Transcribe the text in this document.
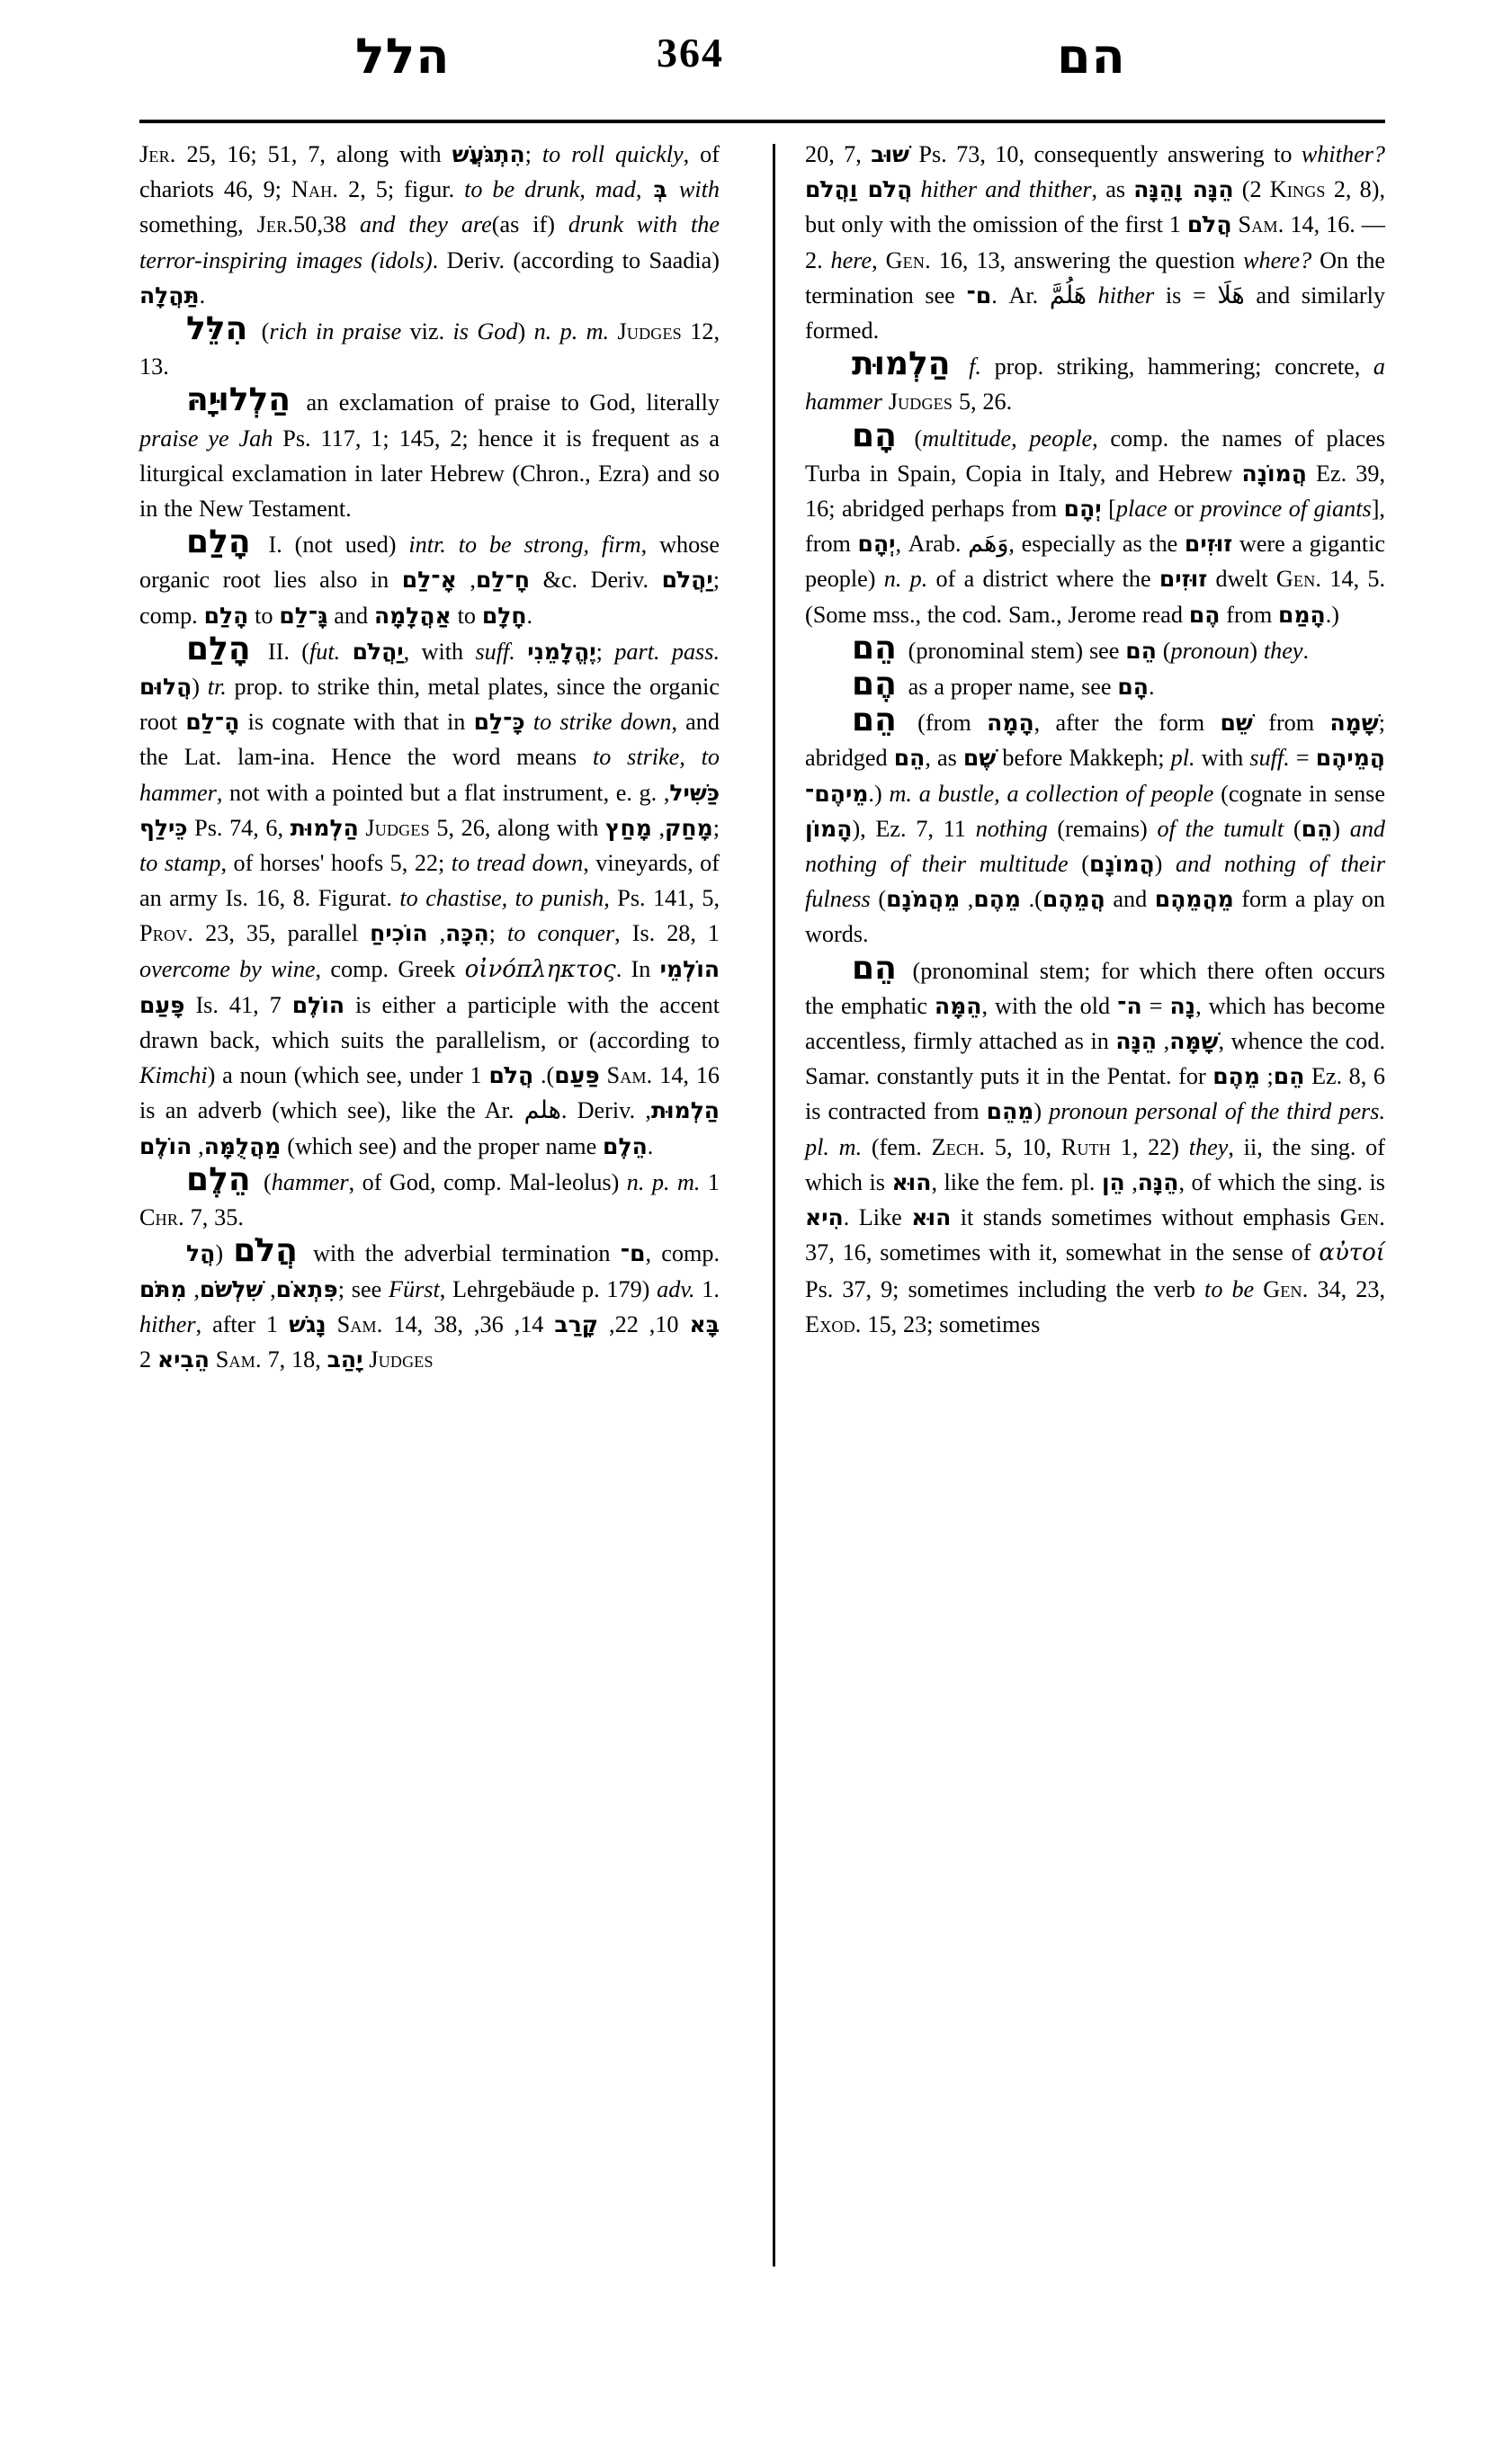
הלל	364	הם

Jer. 25, 16; 51, 7, along with הִתְגֹּעֲשׁ; to roll quickly, of chariots 46, 9; Nah. 2, 5; figur. to be drunk, mad, בְּ with something, Jer.50,38 and they are(as if) drunk with the terror-inspiring images (idols). Deriv. (according to Saadia) תַּהֲלָה.

הִלֵּל (rich in praise viz. is God) n. p. m. Judges 12, 13.

הַלְלוּיָהּ an exclamation of praise to God, literally praise ye Jah Ps. 117, 1; 145, 2; hence it is frequent as a liturgical exclamation in later Hebrew (Chron., Ezra) and so in the New Testament.

הָלַם I. (not used) intr. to be strong, firm, whose organic root lies also in	חָ־לַם, אָ־לַם	&c. Deriv. יַהֲלֹם; comp. הָלַם to גָּ־לַם and אַהֲלָמָה to חָלָם.

הָלַם II. (fut. יַהֲלֹם, with suff. יֶהֱלָמֵנִי; part. pass. הֲלוּם) tr. prop. to strike thin, metal plates, since the organic root הָ־לַם is cognate with that in כָּ־לַם to strike down, and the Lat. lam-ina. Hence the word means to strike, to hammer, not with a pointed but a flat instrument, e. g. כַּשִּׁיל, כֵּילַף Ps. 74, 6, הַלְמוּת Judges 5, 26, along with	מָחַק, מָחַץ	; to stamp, of horses' hoofs 5, 22; to tread down, vineyards, of an army Is. 16, 8. Figurat. to chastise, to punish, Ps. 141, 5, Prov. 23, 35, parallel	הִכָּה, הוֹכִיחַ	; to conquer, Is. 28, 1 overcome by wine, comp. Greek οἰνόπληκτος. In הוֹלְמֵי פָּעַם Is. 41, 7 הוֹלֶם is either a participle with the accent drawn back, which suits the parallelism, or (according to Kimchi) a noun (which see, under	פַּעַם). הֲלֹם 1 Sam. 14, 16 is an adverb (which see), like the Ar. هلم. Deriv. הַלְמוּת, מַהֲלֻמָּה, הוֹלֶם	(which see) and the proper name הֵלֶם.

הֵלֶם (hammer, of God, comp. Mal-leolus) n. p. m. 1 Chr. 7, 35.

הֲלֹם (הֲל	with the adverbial termination ם־, comp. פִּתְאֹם, שִׁלְשֹׁם, מִתֹּם	; see Fürst, Lehrgebäude p. 179) adv. 1. hither, after נָגֹשׁ 1 Sam. 14, 38,	בָּא 10, 22, קָרַב 14, 36, הֵבִיא 2 Sam. 7, 18, יָהַב Judges

20, 7, שׁוּב Ps. 73, 10, consequently answering to whither? הֲלֹם וַהֲלֹם hither and thither, as הֵנָּה וָהֵנָּה (2 Kings 2, 8), but only with the omission of the first הֲלֹם 1 Sam. 14, 16. — 2. here, Gen. 16, 13, answering the question where? On the termination see ם־. Ar. هَلُمَّ hither is = هَلَا and similarly formed.

הַלְמוּת f. prop. striking, hammering; concrete, a hammer Judges 5, 26.

הָם (multitude, people, comp. the names of places Turba in Spain, Copia in Italy, and Hebrew הֲמוֹנָה Ez. 39, 16; abridged perhaps from יְהָם [place or province of giants], from יְהָם, Arab. وَهَم, especially as the זוּזִים were a gigantic people) n. p. of a district where the זוּזִים dwelt Gen. 14, 5. (Some mss., the cod. Sam., Jerome read הֶם from הָמַם.)

הֵם (pronominal stem) see הֵם (pronoun) they.

הֶם as a proper name, see הָם.

הֵם (from הָמָה, after the form שֵׁם from שָׁמָה; abridged הֵם, as שֶׁם before Makkeph; pl. with suff. הֲמֵיהֶם = מֵיהֶם־.) m. a bustle, a collection of people (cognate in sense הָמוֹן), Ez. 7, 11 nothing (remains) of the tumult (הֵם) and nothing of their multitude (הֲמוֹנָם) and nothing of their fulness (	הֲמֵהֶם). מֵהֶם, מֵהֲמֹנָם	and מֵהֲמֵהֶם form a play on words.

הֵם (pronominal stem; for which there often occurs the emphatic הֵמָּה, with the old נָה = ה־ , which has become accentless, firmly attached as in שָׁמָּה, הֵנָּה	, whence the cod. Samar. constantly puts it in the Pentat. for	הֵם; מֵהֶם Ez. 8, 6 is contracted from מֵהֵם) pronoun personal of the third pers. pl. m. (fem. Zech. 5, 10, Ruth 1, 22) they, ii, the sing. of which is הוּא, like the fem. pl. הֵנָּה, הֵן , of which the sing. is הִיא. Like הוּא it stands sometimes without emphasis Gen. 37, 16, sometimes with it, somewhat in the sense of αὐτοί Ps. 37, 9; sometimes including the verb to be Gen. 34, 23, Exod. 15, 23; sometimes
